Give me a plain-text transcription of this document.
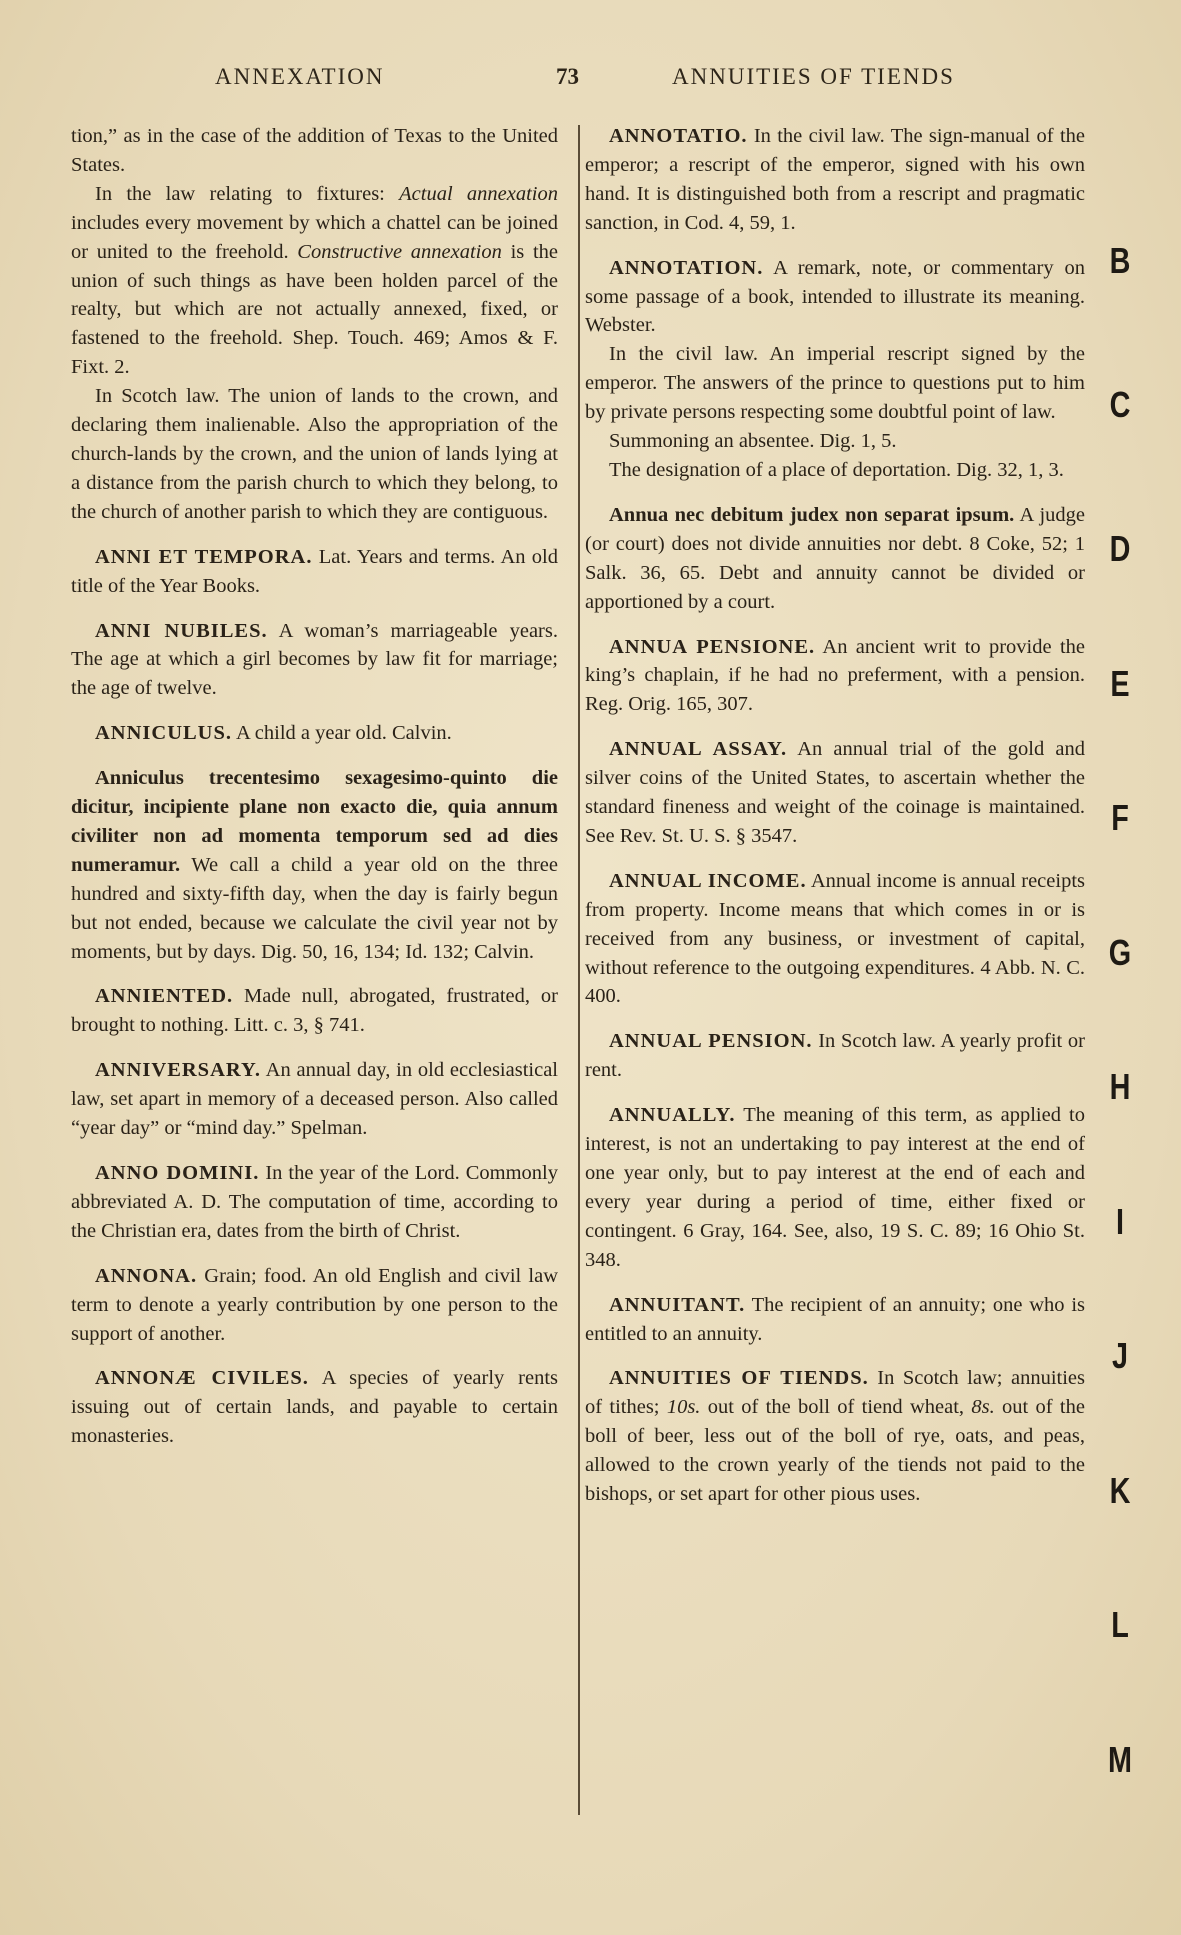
ANNEXATION	73	ANNUITIES OF TIENDS

tion,” as in the case of the addition of Texas to the United States.

In the law relating to fixtures: Actual annexation includes every movement by which a chattel can be joined or united to the freehold. Constructive annexation is the union of such things as have been holden parcel of the realty, but which are not actually annexed, fixed, or fastened to the freehold. Shep. Touch. 469; Amos & F. Fixt. 2.

In Scotch law. The union of lands to the crown, and declaring them inalienable. Also the appropriation of the church-lands by the crown, and the union of lands lying at a distance from the parish church to which they belong, to the church of another parish to which they are contiguous.

ANNI ET TEMPORA. Lat. Years and terms. An old title of the Year Books.
ANNI NUBILES. A woman’s marriageable years. The age at which a girl becomes by law fit for marriage; the age of twelve.
ANNICULUS. A child a year old. Calvin.
Anniculus trecentesimo sexagesimo-quinto die dicitur, incipiente plane non exacto die, quia annum civiliter non ad momenta temporum sed ad dies numeramur. We call a child a year old on the three hundred and sixty-fifth day, when the day is fairly begun but not ended, because we calculate the civil year not by moments, but by days. Dig. 50, 16, 134; Id. 132; Calvin.
ANNIENTED. Made null, abrogated, frustrated, or brought to nothing. Litt. c. 3, § 741.
ANNIVERSARY. An annual day, in old ecclesiastical law, set apart in memory of a deceased person. Also called “year day” or “mind day.” Spelman.
ANNO DOMINI. In the year of the Lord. Commonly abbreviated A. D. The computation of time, according to the Christian era, dates from the birth of Christ.
ANNONA. Grain; food. An old English and civil law term to denote a yearly contribution by one person to the support of another.
ANNONÆ CIVILES. A species of yearly rents issuing out of certain lands, and payable to certain monasteries.
ANNOTATIO. In the civil law. The sign-manual of the emperor; a rescript of the emperor, signed with his own hand. It is distinguished both from a rescript and pragmatic sanction, in Cod. 4, 59, 1.

ANNOTATION. A remark, note, or commentary on some passage of a book, intended to illustrate its meaning. Webster.

In the civil law. An imperial rescript signed by the emperor. The answers of the prince to questions put to him by private persons respecting some doubtful point of law.

Summoning an absentee. Dig. 1, 5.

The designation of a place of deportation. Dig. 32, 1, 3.

Annua nec debitum judex non separat ipsum. A judge (or court) does not divide annuities nor debt. 8 Coke, 52; 1 Salk. 36, 65. Debt and annuity cannot be divided or apportioned by a court.
ANNUA PENSIONE. An ancient writ to provide the king’s chaplain, if he had no preferment, with a pension. Reg. Orig. 165, 307.
ANNUAL ASSAY. An annual trial of the gold and silver coins of the United States, to ascertain whether the standard fineness and weight of the coinage is maintained. See Rev. St. U. S. § 3547.
ANNUAL INCOME. Annual income is annual receipts from property. Income means that which comes in or is received from any business, or investment of capital, without reference to the outgoing expenditures. 4 Abb. N. C. 400.
ANNUAL PENSION. In Scotch law. A yearly profit or rent.
ANNUALLY. The meaning of this term, as applied to interest, is not an undertaking to pay interest at the end of one year only, but to pay interest at the end of each and every year during a period of time, either fixed or contingent. 6 Gray, 164. See, also, 19 S. C. 89; 16 Ohio St. 348.
ANNUITANT. The recipient of an annuity; one who is entitled to an annuity.
ANNUITIES OF TIENDS. In Scotch law; annuities of tithes; 10s. out of the boll of tiend wheat, 8s. out of the boll of beer, less out of the boll of rye, oats, and peas, allowed to the crown yearly of the tiends not paid to the bishops, or set apart for other pious uses.
B
C
D
E
F
G
H
I
J
K
L
M
